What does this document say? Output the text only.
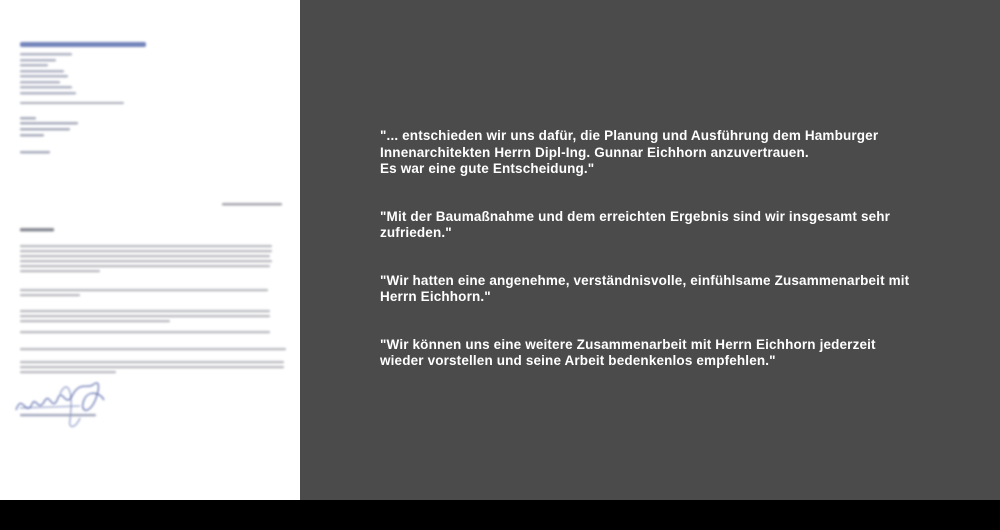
"... entschieden wir uns dafür, die Planung und Ausführung dem Hamburger
Innenarchitekten Herrn Dipl-Ing. Gunnar Eichhorn anzuvertrauen.
Es war eine gute Entscheidung."

"Mit der Baumaßnahme und dem erreichten Ergebnis sind wir insgesamt sehr
zufrieden."

"Wir hatten eine angenehme, verständnisvolle, einfühlsame Zusammenarbeit mit
Herrn Eichhorn."

"Wir können uns eine weitere Zusammenarbeit mit Herrn Eichhorn jederzeit
wieder vorstellen und seine Arbeit bedenkenlos empfehlen."
